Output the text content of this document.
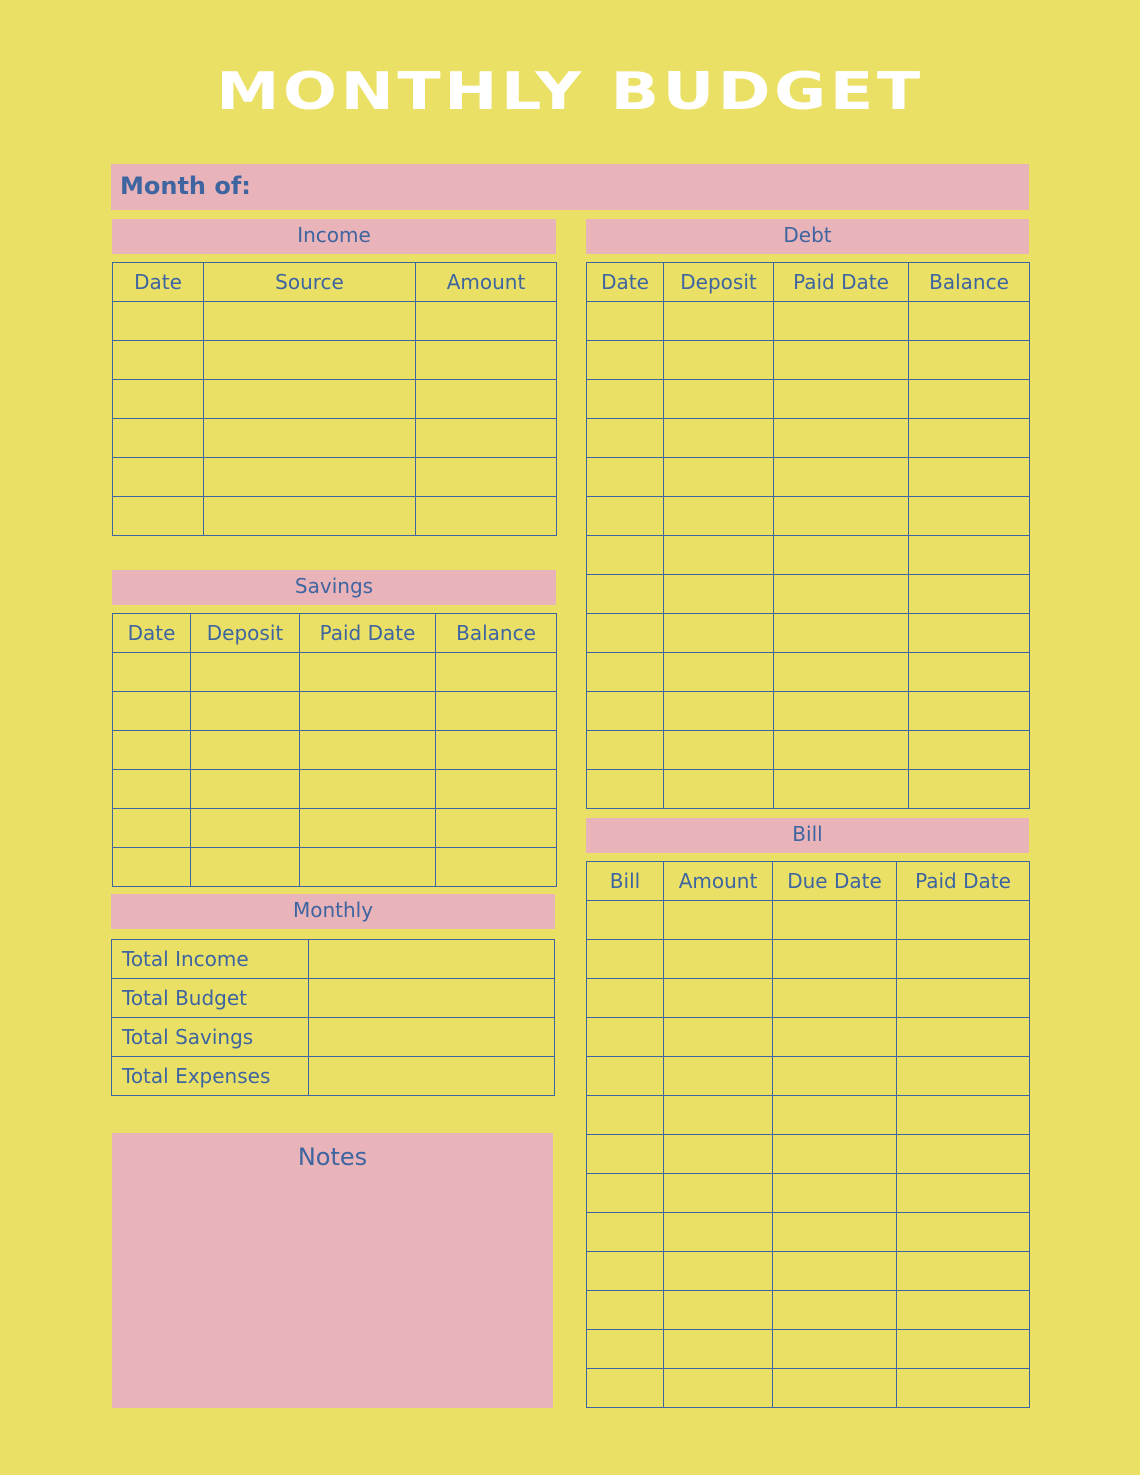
MONTHLY BUDGET
Month of:
Income
Date	Source	Amount

Savings
Date	Deposit	Paid Date	Balance

Monthly
Total Income	
Total Budget	
Total Savings	
Total Expenses	
Notes
Debt
Date	Deposit	Paid Date	Balance

Bill
Bill	Amount	Due Date	Paid Date
